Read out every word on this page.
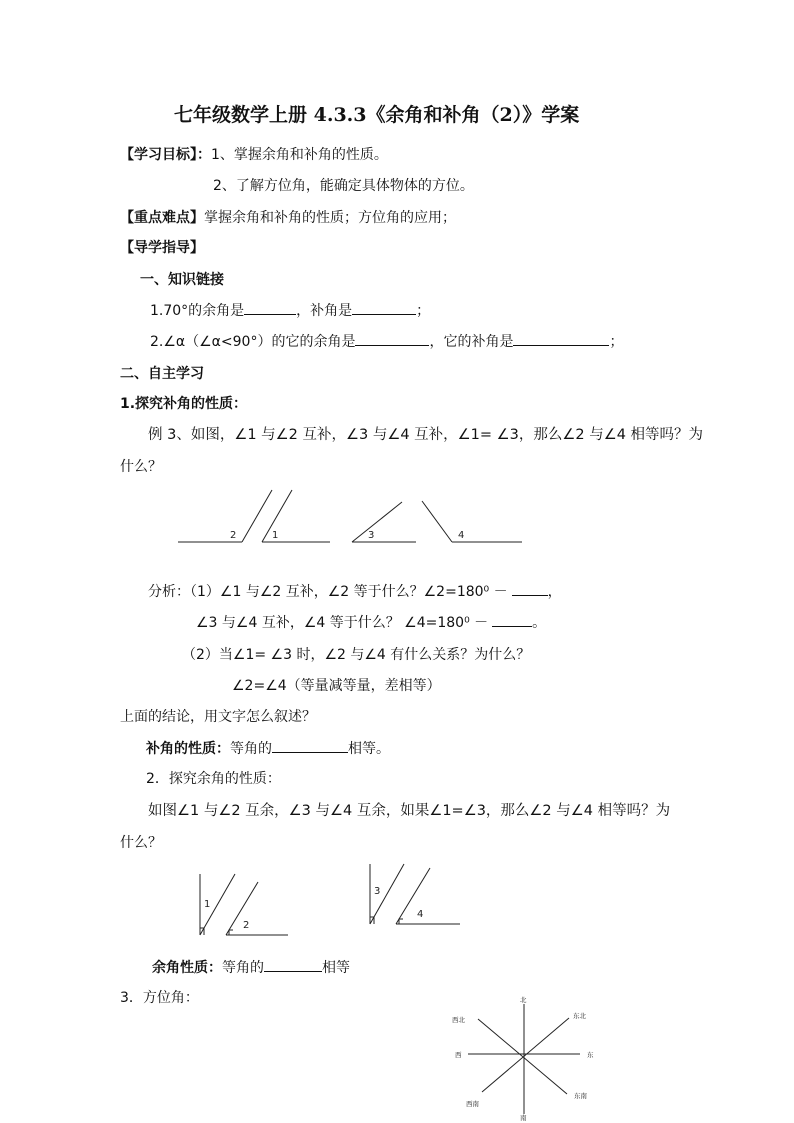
七年级数学上册 4.3.3《余角和补角（2）》学案
【学习目标】：1、掌握余角和补角的性质。
2、了解方位角，能确定具体物体的方位。
【重点难点】掌握余角和补角的性质；方位角的应用；
【导学指导】
一、知识链接
1.70°的余角是	，补角是	；
2.∠α（∠α<90°）的它的余角是	，它的补角是	；
二、自主学习
1.探究补角的性质：
例 3、如图，∠1 与∠2 互补，∠3 与∠4 互补，∠1= ∠3，那么∠2 与∠4 相等吗？为
什么？
2	1	3	4
分析：（1）∠1 与∠2 互补，∠2 等于什么？∠2=180⁰ －	，
∠3 与∠4 互补，∠4 等于什么？ ∠4=180⁰ －	。
（2）当∠1= ∠3 时，∠2 与∠4 有什么关系？为什么？
∠2=∠4（等量减等量，差相等）
上面的结论，用文字怎么叙述？
补角的性质：等角的	相等。
2．探究余角的性质：
如图∠1 与∠2 互余，∠3 与∠4 互余，如果∠1=∠3，那么∠2 与∠4 相等吗？为
什么？
1
2
3
4
余角性质：等角的	相等
3．方位角：	北
西北	东北
西	东
西南
东南
南
